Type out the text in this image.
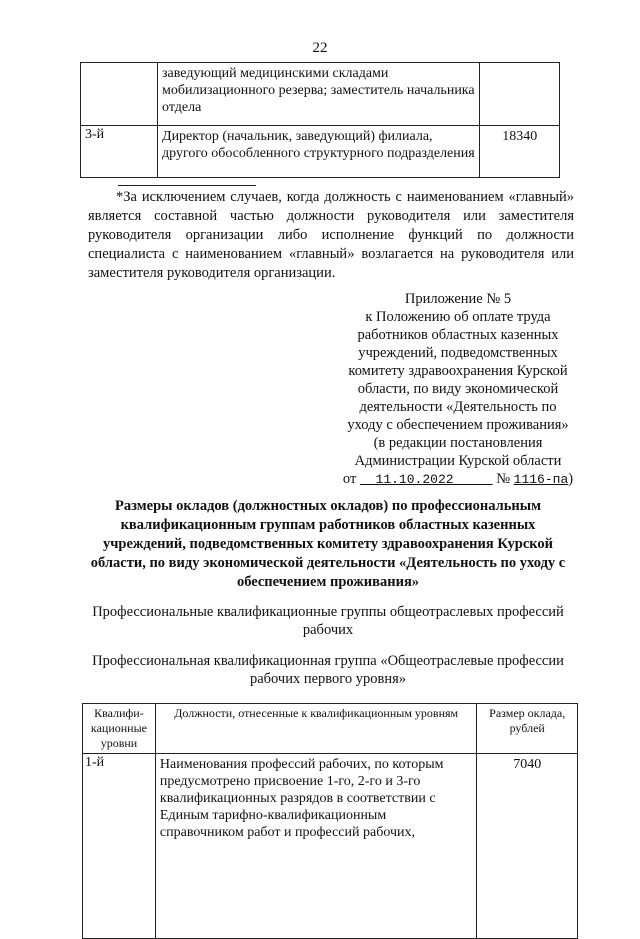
22
	заведующий медицинскими складами мобилизационного резерва; заместитель начальника отдела	
3-й	Директор (начальник, заведующий) филиала, другого обособленного структурного подразделения	18340
*За исключением случаев, когда должность с наименованием «главный» является составной частью должности руководителя или заместителя руководителя организации либо исполнение функций по должности специалиста с наименованием «главный» возлагается на руководителя или заместителя руководителя организации.
Приложение № 5
к Положению об оплате труда
работников областных казенных
учреждений, подведомственных
комитету здравоохранения Курской
области, по виду экономической
деятельности «Деятельность по
уходу с обеспечением проживания»
(в редакции постановления
Администрации Курской области
от 11.10.2022	№ 1116-па)
Размеры окладов (должностных окладов) по профессиональным квалификационным группам работников областных казенных учреждений, подведомственных комитету здравоохранения Курской области, по виду экономической деятельности «Деятельность по уходу с обеспечением проживания»
Профессиональные квалификационные группы общеотраслевых профессий рабочих
Профессиональная квалификационная группа «Общеотраслевые профессии рабочих первого уровня»
Квалифи-кационные уровни	Должности, отнесенные к квалификационным уровням	Размер оклада, рублей
1-й	Наименования профессий рабочих, по которым предусмотрено присвоение 1-го, 2-го и 3-го квалификационных разрядов в соответствии с Единым тарифно-квалификационным справочником работ и профессий рабочих,	7040
